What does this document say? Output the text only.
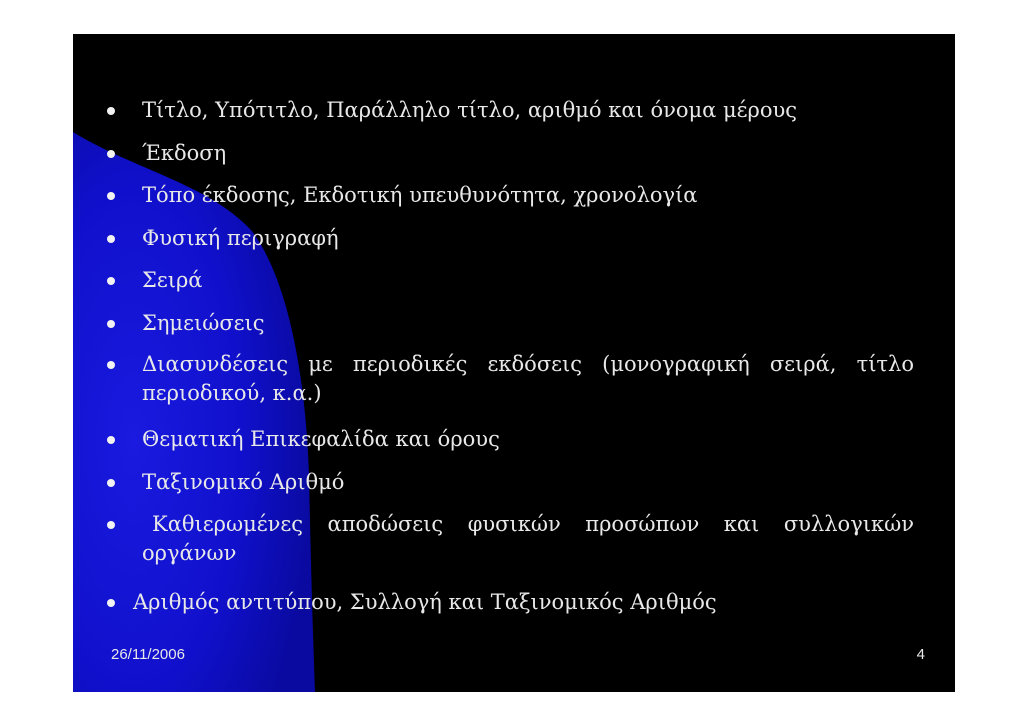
Τίτλο, Υπότιτλο, Παράλληλο τίτλο, αριθμό και όνομα μέρους
Έκδοση
Τόπο έκδοσης, Εκδοτική υπευθυνότητα, χρονολογία
Φυσική περιγραφή
Σειρά
Σημειώσεις
Διασυνδέσεις με περιοδικές εκδόσεις (μονογραφική σειρά, τίτλο
περιοδικού, κ.α.)
Θεματική Επικεφαλίδα και όρους
Ταξινομικό Αριθμό
Καθιερωμένες αποδώσεις φυσικών προσώπων και συλλογικών
οργάνων
Αριθμός αντιτύπου, Συλλογή και Ταξινομικός Αριθμός
26/11/2006	4
